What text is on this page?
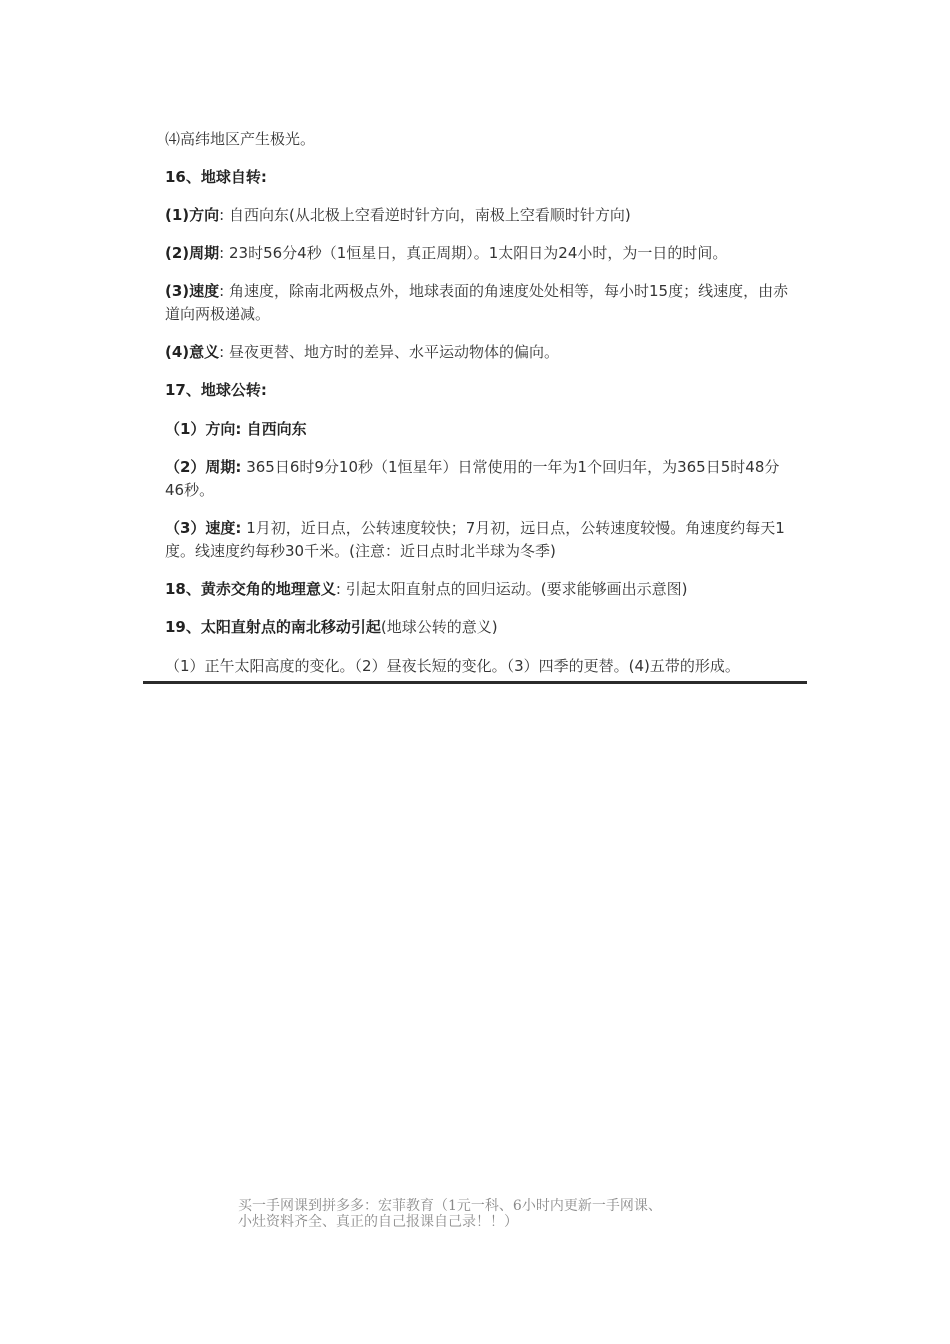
⑷高纬地区产生极光。
16、地球自转:
(1)方向: 自西向东(从北极上空看逆时针方向，南极上空看顺时针方向)
(2)周期: 23时56分4秒（1恒星日，真正周期）。1太阳日为24小时，为一日的时间。
(3)速度: 角速度，除南北两极点外，地球表面的角速度处处相等，每小时15度；线速度，由赤道向两极递减。
(4)意义: 昼夜更替、地方时的差异、水平运动物体的偏向。
17、地球公转:
（1）方向: 自西向东
（2）周期: 365日6时9分10秒（1恒星年）日常使用的一年为1个回归年，为365日5时48分46秒。
（3）速度: 1月初，近日点，公转速度较快；7月初，远日点，公转速度较慢。角速度约每天1度。线速度约每秒30千米。(注意：近日点时北半球为冬季)
18、黄赤交角的地理意义: 引起太阳直射点的回归运动。(要求能够画出示意图)
19、太阳直射点的南北移动引起(地球公转的意义)
（1）正午太阳高度的变化。（2）昼夜长短的变化。（3）四季的更替。(4)五带的形成。
买一手网课到拼多多：宏菲教育（1元一科、6小时内更新一手网课、
小灶资料齐全、真正的自己报课自己录！！）
